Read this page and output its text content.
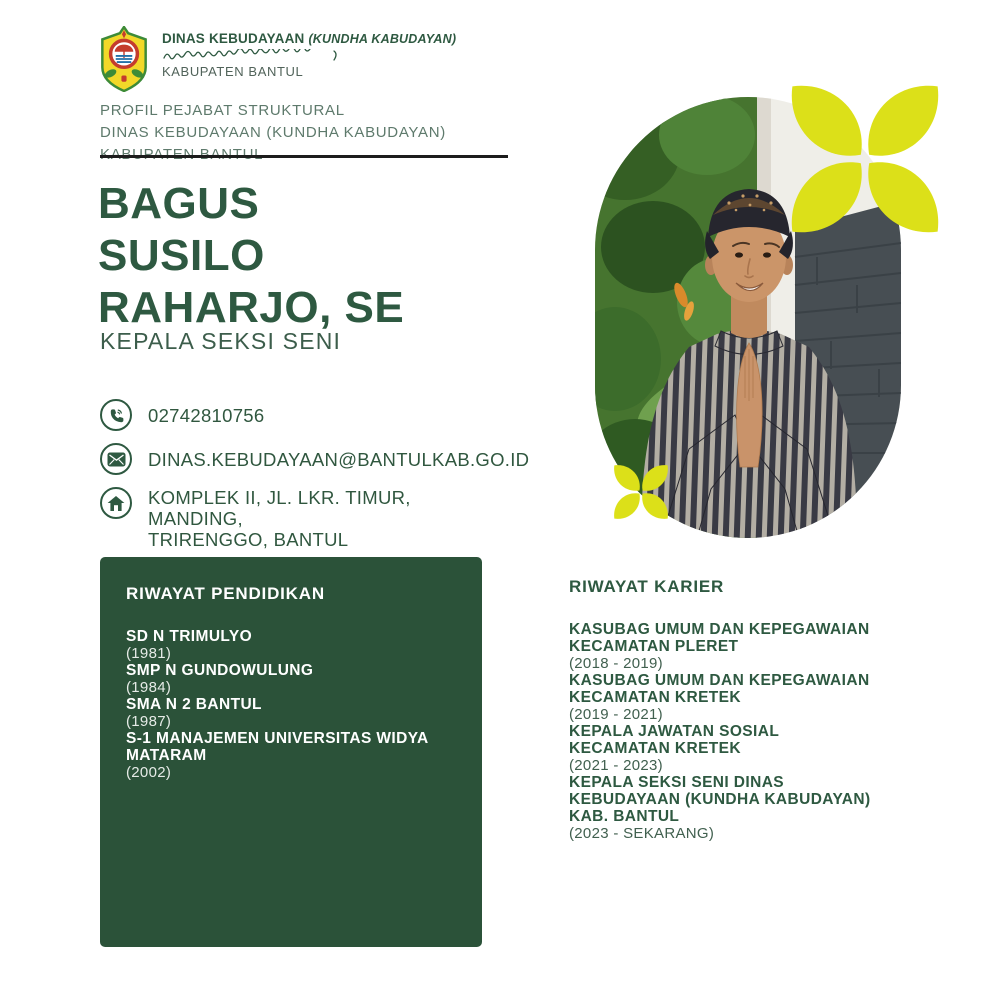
DINAS KEBUDAYAAN (KUNDHA KABUDAYAN)
KABUPATEN BANTUL
PROFIL PEJABAT STRUKTURAL
DINAS KEBUDAYAAN (KUNDHA KABUDAYAN)
BAGUS
SUSILO
RAHARJO, SE
KEPALA SEKSI SENI
02742810756
DINAS.KEBUDAYAAN@BANTULKAB.GO.ID
KOMPLEK II, JL. LKR. TIMUR, MANDING,
TRIRENGGO, BANTUL
RIWAYAT PENDIDIKAN
SD N TRIMULYO
(1981)
SMP N GUNDOWULUNG
(1984)
SMA N 2 BANTUL
(1987)
S-1 MANAJEMEN UNIVERSITAS WIDYA
MATARAM
(2002)
RIWAYAT KARIER
KASUBAG UMUM DAN KEPEGAWAIAN
KECAMATAN PLERET
(2018 - 2019)
KASUBAG UMUM DAN KEPEGAWAIAN
KECAMATAN KRETEK
(2019 - 2021)
KEPALA JAWATAN SOSIAL
KECAMATAN KRETEK
(2021 - 2023)
KEPALA SEKSI SENI DINAS
KEBUDAYAAN (KUNDHA KABUDAYAN)
KAB. BANTUL
(2023 - SEKARANG)
